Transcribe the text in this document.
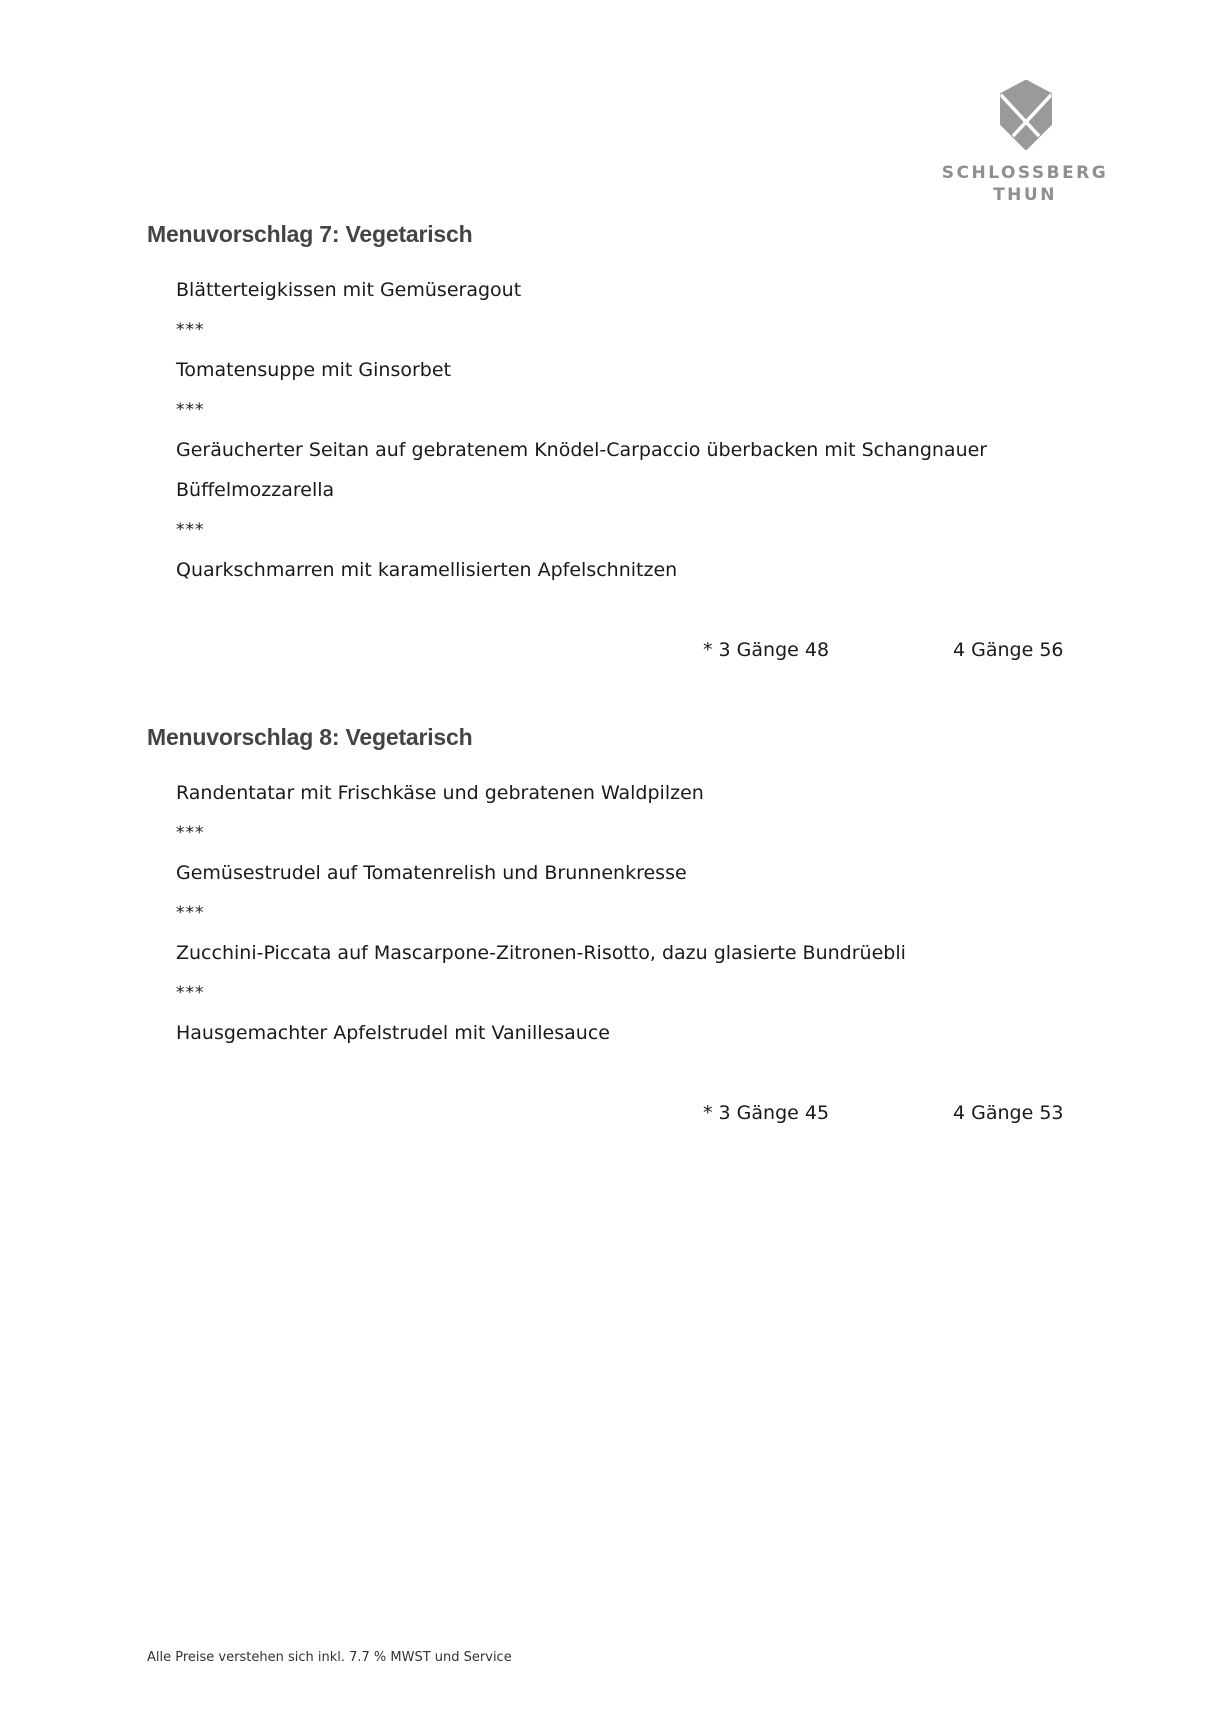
SCHLOSSBERG
THUN
Menuvorschlag 7: Vegetarisch
Blätterteigkissen mit Gemüseragout
***
Tomatensuppe mit Ginsorbet
***
Geräucherter Seitan auf gebratenem Knödel-Carpaccio überbacken mit Schangnauer Büffelmozzarella
***
Quarkschmarren mit karamellisierten Apfelschnitzen
* 3 Gänge 48	4 Gänge 56
Menuvorschlag 8: Vegetarisch
Randentatar mit Frischkäse und gebratenen Waldpilzen
***
Gemüsestrudel auf Tomatenrelish und Brunnenkresse
***
Zucchini-Piccata auf Mascarpone-Zitronen-Risotto, dazu glasierte Bundrüebli
***
Hausgemachter Apfelstrudel mit Vanillesauce
* 3 Gänge 45	4 Gänge 53
Alle Preise verstehen sich inkl. 7.7 % MWST und Service
